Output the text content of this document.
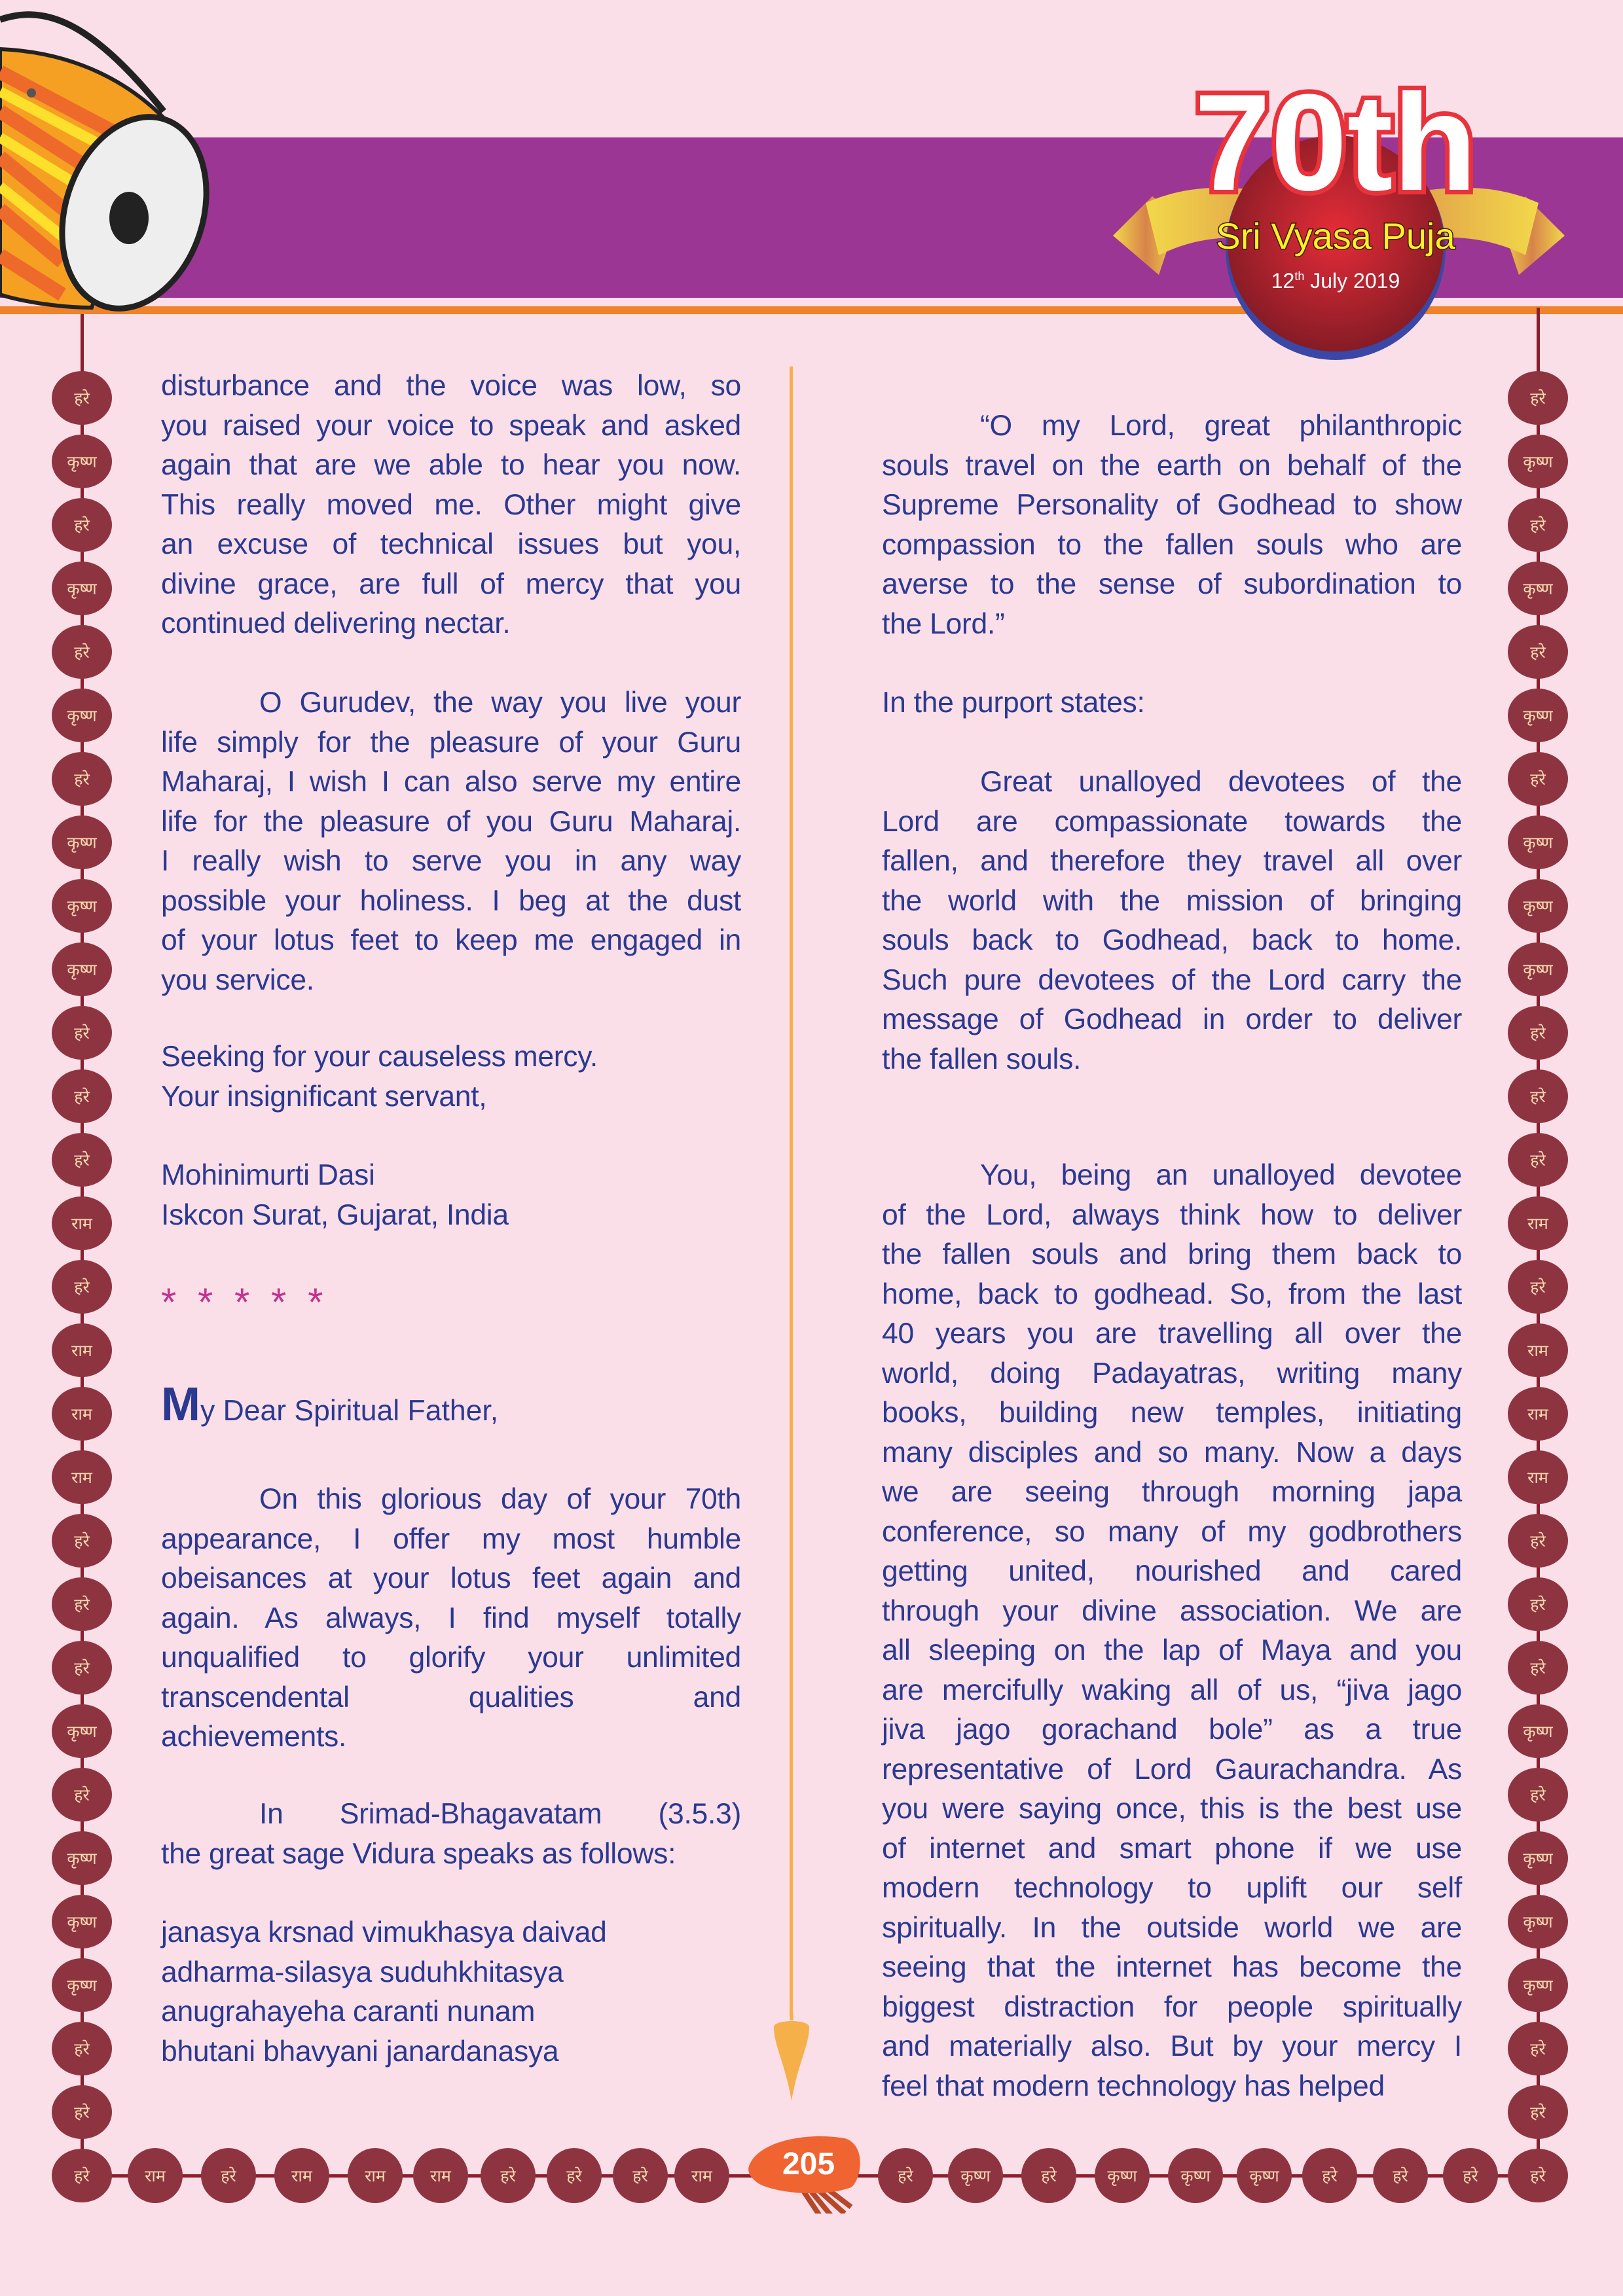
70th
Sri Vyasa Puja
12th July 2019
हरे
कृष्ण
हरे
कृष्ण
हरे
कृष्ण
हरे
कृष्ण
कृष्ण
कृष्ण
हरे
हरे
हरे
राम
हरे
राम
राम
राम
हरे
हरे
हरे
कृष्ण
हरे
कृष्ण
कृष्ण
कृष्ण
हरे
हरे
हरे
कृष्ण
हरे
कृष्ण
हरे
कृष्ण
हरे
कृष्ण
कृष्ण
कृष्ण
हरे
हरे
हरे
राम
हरे
राम
राम
राम
हरे
हरे
हरे
कृष्ण
हरे
कृष्ण
कृष्ण
कृष्ण
हरे
हरे
हरे	हरे
राम	हरे	राम	राम	राम	हरे	हरे	हरे	राम	हरे	कृष्ण	हरे	कृष्ण	कृष्ण	कृष्ण	हरे	हरे	हरे
205
disturbance and the voice was low, so
you raised your voice to speak and asked
again that are we able to hear you now.
This really moved me. Other might give
an excuse of technical issues but you,
divine grace, are full of mercy that you
continued delivering nectar.
O Gurudev, the way you live your
life simply for the pleasure of your Guru
Maharaj, I wish I can also serve my entire
life for the pleasure of you Guru Maharaj.
I really wish to serve you in any way
possible your holiness. I beg at the dust
of your lotus feet to keep me engaged in
you service.
Seeking for your causeless mercy.
Your insignificant servant,
Mohinimurti Dasi
Iskcon Surat, Gujarat, India
* * * * *
My Dear Spiritual Father,
On this glorious day of your 70th
appearance, I offer my most humble
obeisances at your lotus feet again and
again. As always, I find myself totally
unqualified to glorify your unlimited
transcendental qualities and
achievements.
In Srimad-Bhagavatam (3.5.3)
the great sage Vidura speaks as follows:
janasya krsnad vimukhasya daivad
adharma-silasya suduhkhitasya
anugrahayeha caranti nunam
bhutani bhavyani janardanasya
“O my Lord, great philanthropic
souls travel on the earth on behalf of the
Supreme Personality of Godhead to show
compassion to the fallen souls who are
averse to the sense of subordination to
the Lord.”
In the purport states:
Great unalloyed devotees of the
Lord are compassionate towards the
fallen, and therefore they travel all over
the world with the mission of bringing
souls back to Godhead, back to home.
Such pure devotees of the Lord carry the
message of Godhead in order to deliver
the fallen souls.
You, being an unalloyed devotee
of the Lord, always think how to deliver
the fallen souls and bring them back to
home, back to godhead. So, from the last
40 years you are travelling all over the
world, doing Padayatras, writing many
books, building new temples, initiating
many disciples and so many. Now a days
we are seeing through morning japa
conference, so many of my godbrothers
getting united, nourished and cared
through your divine association. We are
all sleeping on the lap of Maya and you
are mercifully waking all of us, “jiva jago
jiva jago gorachand bole” as a true
representative of Lord Gaurachandra. As
you were saying once, this is the best use
of internet and smart phone if we use
modern technology to uplift our self
spiritually. In the outside world we are
seeing that the internet has become the
biggest distraction for people spiritually
and materially also. But by your mercy I
feel that modern technology has helped
